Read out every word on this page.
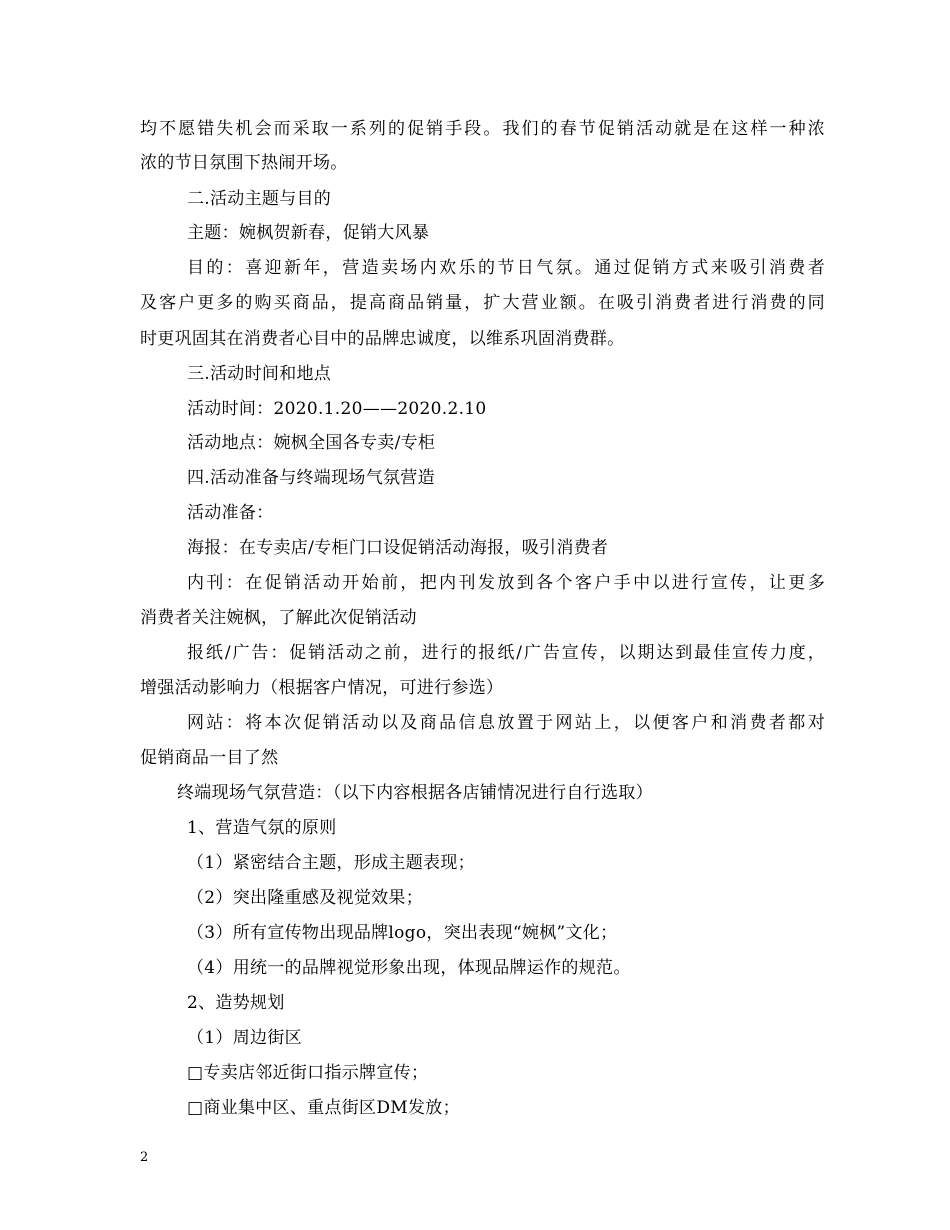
均不愿错失机会而采取一系列的促销手段。我们的春节促销活动就是在这样一种浓
浓的节日氛围下热闹开场。
二.活动主题与目的
主题：婉枫贺新春，促销大风暴
目的：喜迎新年，营造卖场内欢乐的节日气氛。通过促销方式来吸引消费者
及客户更多的购买商品，提高商品销量，扩大营业额。在吸引消费者进行消费的同
时更巩固其在消费者心目中的品牌忠诚度，以维系巩固消费群。
三.活动时间和地点
活动时间：2020.1.20——2020.2.10
活动地点：婉枫全国各专卖/专柜
四.活动准备与终端现场气氛营造
活动准备：
海报：在专卖店/专柜门口设促销活动海报，吸引消费者
内刊：在促销活动开始前，把内刊发放到各个客户手中以进行宣传，让更多
消费者关注婉枫，了解此次促销活动
报纸/广告：促销活动之前，进行的报纸/广告宣传，以期达到最佳宣传力度，
增强活动影响力（根据客户情况，可进行参选）
网站：将本次促销活动以及商品信息放置于网站上，以便客户和消费者都对
促销商品一目了然
终端现场气氛营造：（以下内容根据各店铺情况进行自行选取）
1、营造气氛的原则
（1）紧密结合主题，形成主题表现；
（2）突出隆重感及视觉效果；
（3）所有宣传物出现品牌logo，突出表现“婉枫”文化；
（4）用统一的品牌视觉形象出现，体现品牌运作的规范。
2、造势规划
（1）周边街区
□专卖店邻近街口指示牌宣传；
□商业集中区、重点街区DM发放；
2
